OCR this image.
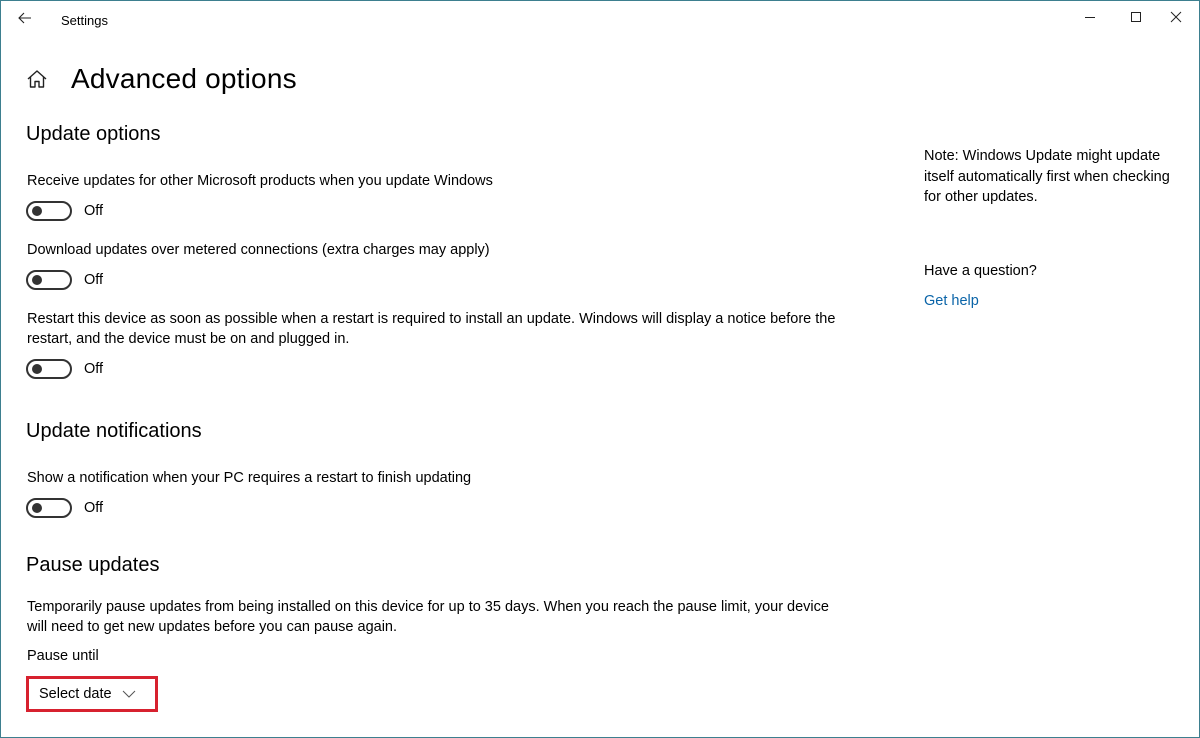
Settings
Advanced options
Update options
Receive updates for other Microsoft products when you update Windows
Off
Download updates over metered connections (extra charges may apply)
Off
Restart this device as soon as possible when a restart is required to install an update. Windows will display a notice before the restart, and the device must be on and plugged in.
Off
Update notifications
Show a notification when your PC requires a restart to finish updating
Off
Pause updates
Temporarily pause updates from being installed on this device for up to 35 days. When you reach the pause limit, your device will need to get new updates before you can pause again.
Pause until
Select date
Note: Windows Update might update itself automatically first when checking for other updates.
Have a question?
Get help
